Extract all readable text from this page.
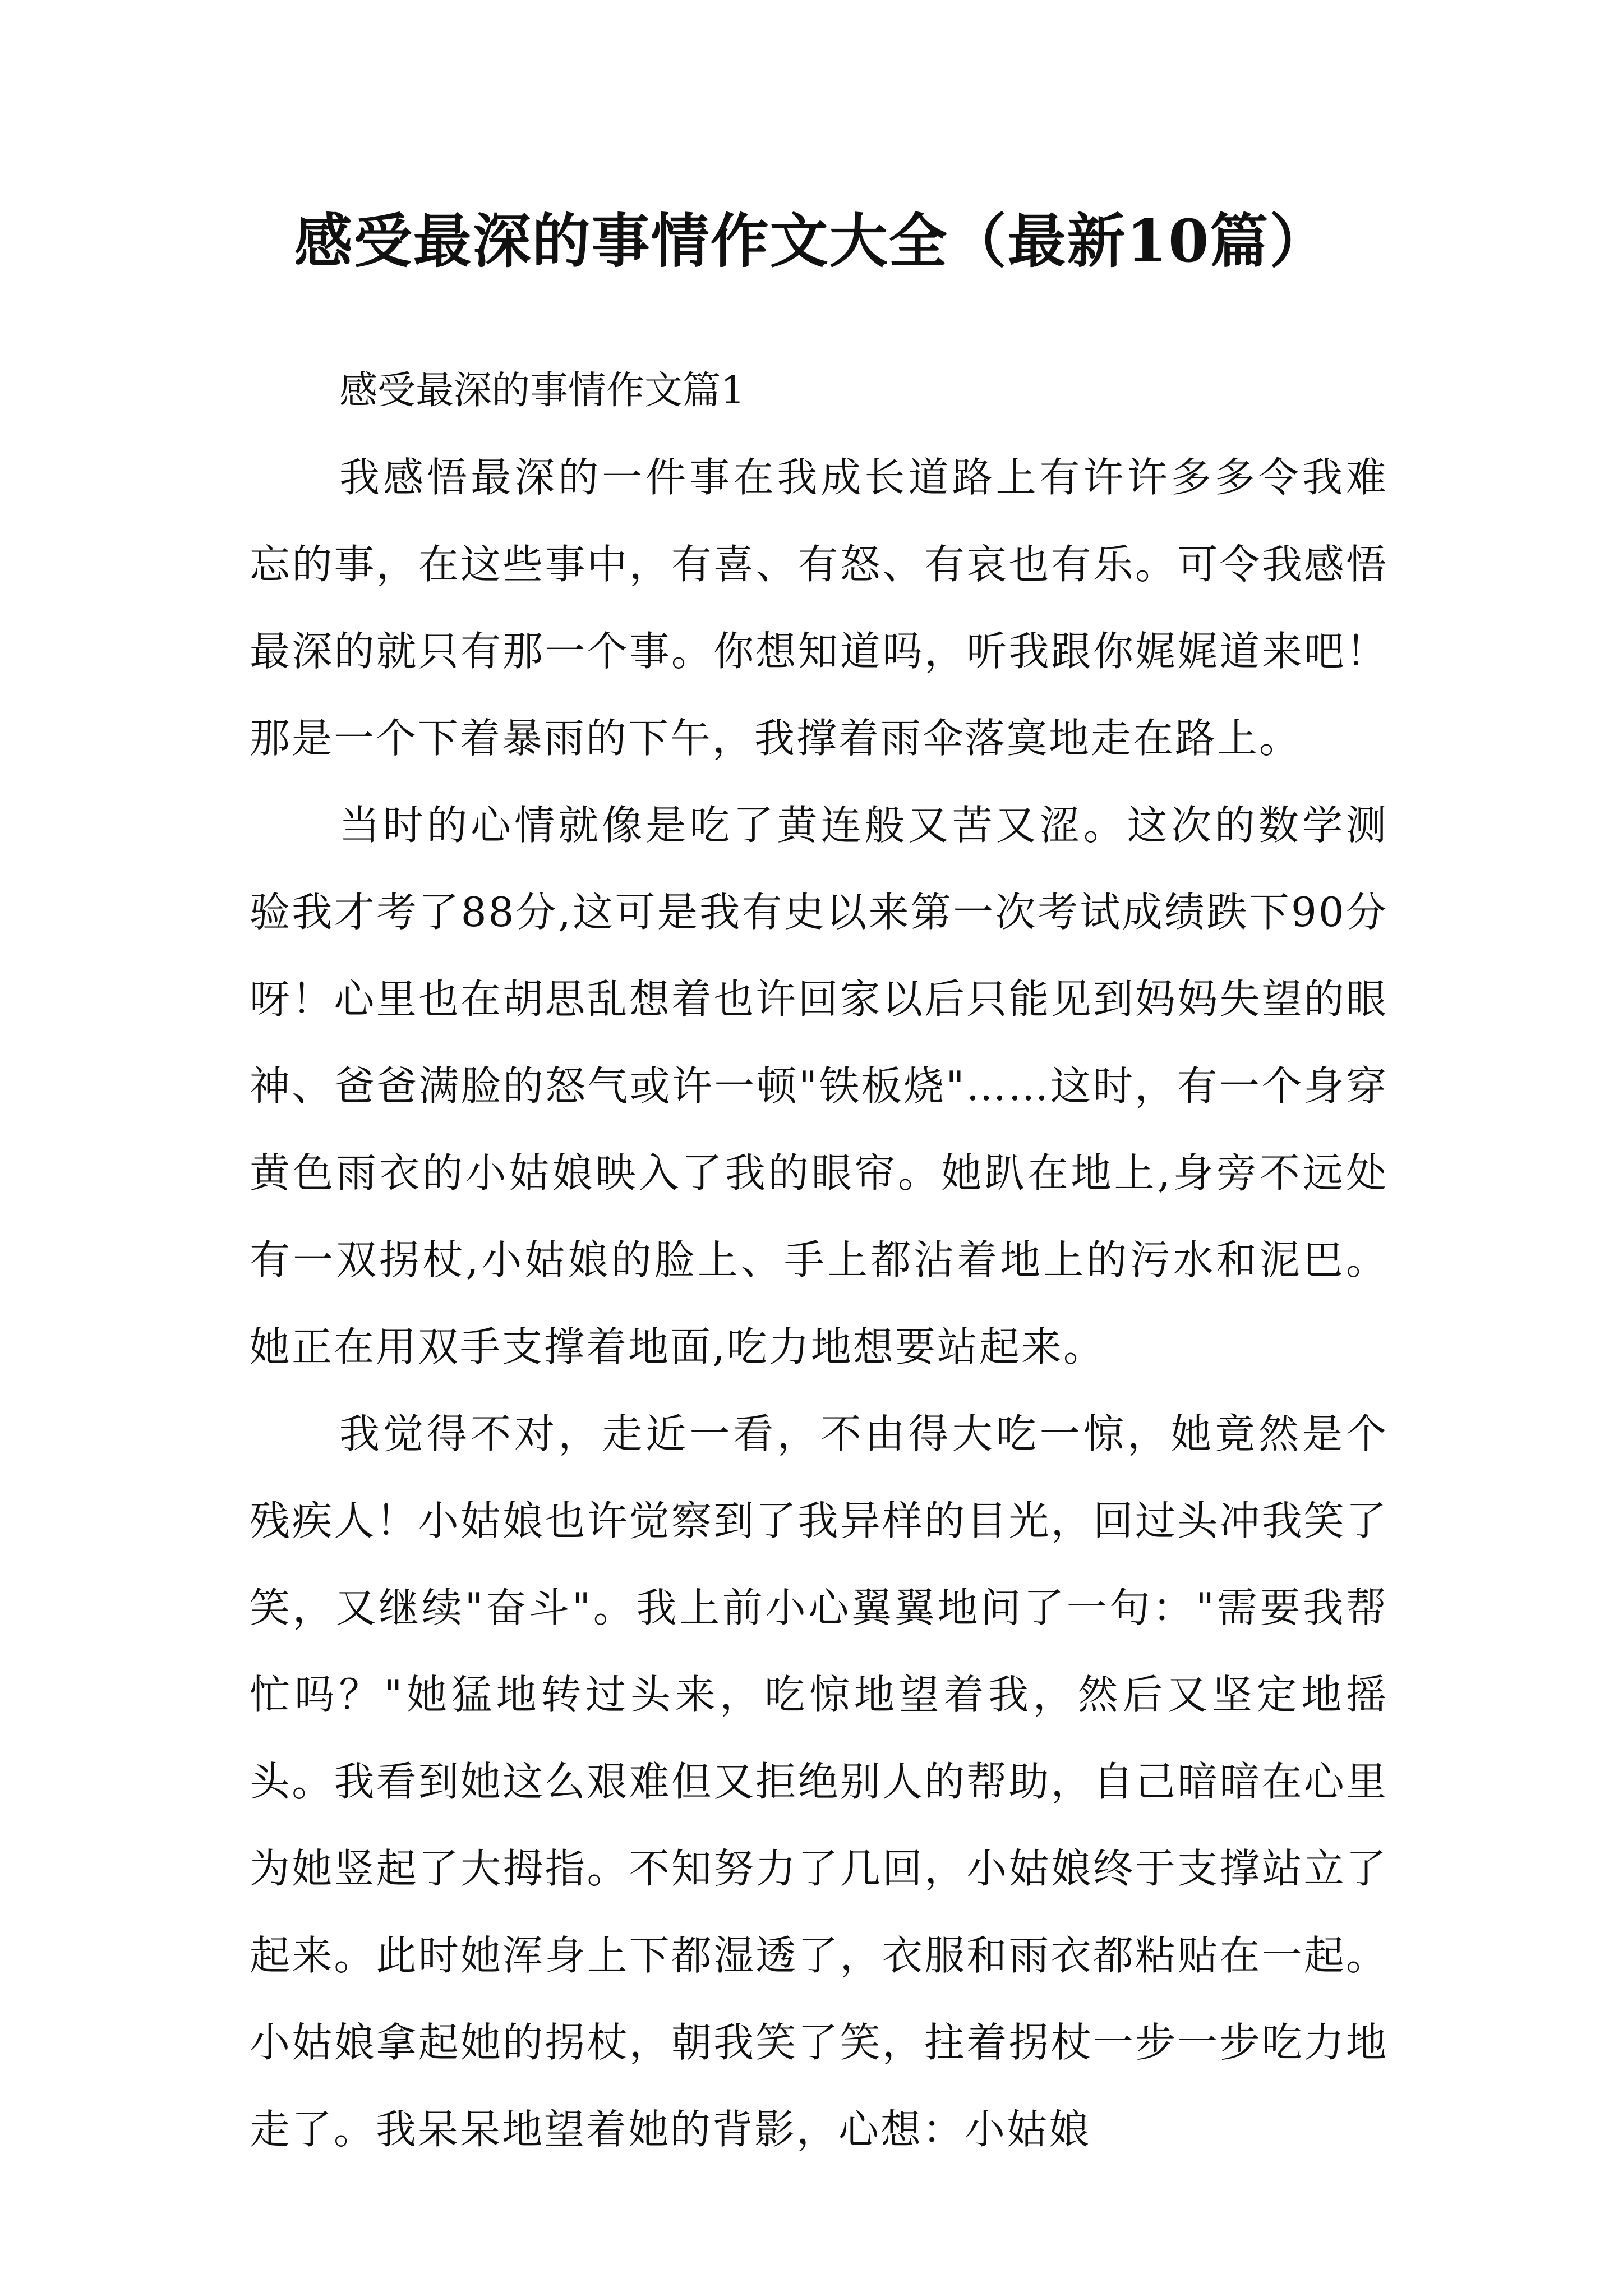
感受最深的事情作文大全（最新10篇）

感受最深的事情作文篇1

我感悟最深的一件事在我成长道路上有许许多多令我难忘的事，在这些事中，有喜、有怒、有哀也有乐。可令我感悟最深的就只有那一个事。你想知道吗，听我跟你娓娓道来吧！那是一个下着暴雨的下午，我撑着雨伞落寞地走在路上。

当时的心情就像是吃了黄连般又苦又涩。这次的数学测验我才考了88分,这可是我有史以来第一次考试成绩跌下90分呀！心里也在胡思乱想着也许回家以后只能见到妈妈失望的眼神、爸爸满脸的怒气或许一顿"铁板烧"……这时，有一个身穿黄色雨衣的小姑娘映入了我的眼帘。她趴在地上,身旁不远处有一双拐杖,小姑娘的脸上、手上都沾着地上的污水和泥巴。她正在用双手支撑着地面,吃力地想要站起来。

我觉得不对，走近一看，不由得大吃一惊，她竟然是个残疾人！小姑娘也许觉察到了我异样的目光，回过头冲我笑了笑，又继续"奋斗"。我上前小心翼翼地问了一句："需要我帮忙吗？"她猛地转过头来，吃惊地望着我，然后又坚定地摇头。我看到她这么艰难但又拒绝别人的帮助，自己暗暗在心里为她竖起了大拇指。不知努力了几回，小姑娘终于支撑站立了起来。此时她浑身上下都湿透了，衣服和雨衣都粘贴在一起。小姑娘拿起她的拐杖，朝我笑了笑，拄着拐杖一步一步吃力地走了。我呆呆地望着她的背影，心想：小姑娘
